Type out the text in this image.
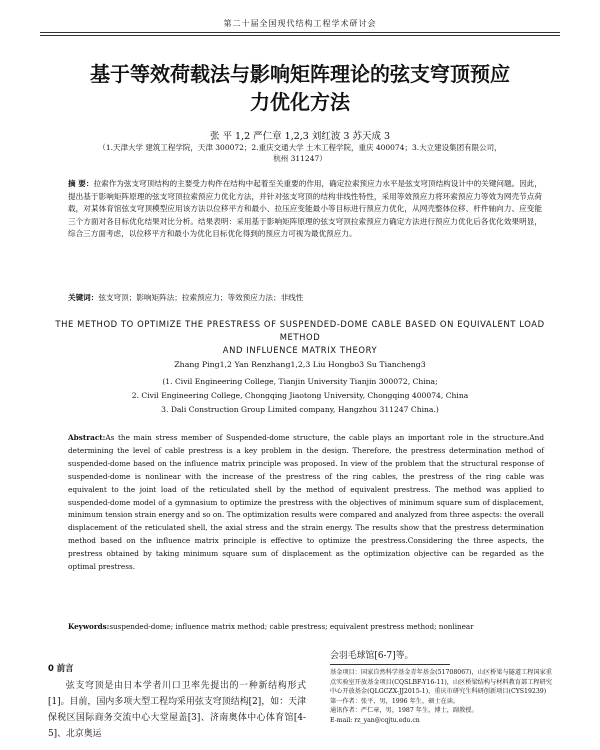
第二十届全国现代结构工程学术研讨会
基于等效荷载法与影响矩阵理论的弦支穹顶预应
力优化方法
张 平 1,2 严仁章 1,2,3 刘红波 3 苏天成 3
（1.天津大学 建筑工程学院，天津 300072；2.重庆交通大学 土木工程学院，重庆 400074；3.大立建设集团有限公司，
杭州 311247）
摘 要：拉索作为弦支穹顶结构的主要受力构件在结构中起着至关重要的作用，确定拉索预应力水平是弦支穹顶结构设计中的关键问题。因此，提出基于影响矩阵原理的弦支穹顶拉索预应力优化方法，并针对弦支穹顶的结构非线性特性，采用等效预应力将环索预应力等效为网壳节点荷载，对某体育馆弦支穹顶模型应用该方法以位移平方和最小、拉压应变能最小等目标进行预应力优化，从网壳整体位移、杆件轴向力、应变能三个方面对各目标优化结果对比分析。结果表明：采用基于影响矩阵原理的弦支穹顶拉索预应力确定方法进行预应力优化后各优化效果明显，综合三方面考虑，以位移平方和最小为优化目标优化得到的预应力可视为最优预应力。
关键词：弦支穹顶；影响矩阵法；拉索预应力；等效预应力法；非线性
THE METHOD TO OPTIMIZE THE PRESTRESS OF SUSPENDED-DOME CABLE BASED ON EQUIVALENT LOAD METHOD
AND INFLUENCE MATRIX THEORY
Zhang Ping1,2 Yan Renzhang1,2,3 Liu Hongbo3 Su Tiancheng3
(1. Civil Engineering College, Tianjin University Tianjin 300072, China;
2. Civil Engineering College, Chongqing Jiaotong University, Chongqing 400074, China
3. Dali Construction Group Limited company, Hangzhou 311247 China.)
Abstract:As the main stress member of Suspended-dome structure, the cable plays an important role in the structure.And determining the level of cable prestress is a key problem in the design. Therefore, the prestress determination method of suspended-dome based on the influence matrix principle was proposed. In view of the problem that the structural response of suspended-dome is nonlinear with the increase of the prestress of the ring cables, the prestress of the ring cable was equivalent to the joint load of the reticulated shell by the method of equivalent prestress. The method was applied to suspended-dome model of a gymnasium to optimize the prestress with the objectives of minimum square sum of displacement, minimum tension strain energy and so on. The optimization results were compared and analyzed from three aspects: the overall displacement of the reticulated shell, the axial stress and the strain energy. The results show that the prestress determination method based on the influence matrix principle is effective to optimize the prestress.Considering the three aspects, the prestress obtained by taking minimum square sum of displacement as the optimization objective can be regarded as the optimal prestress.
Keywords:suspended-dome; influence matrix method; cable prestress; equivalent prestress method; nonlinear
0 前言
弦支穹顶是由日本学者川口卫率先提出的一种新结构形式[1]。目前，国内多项大型工程均采用弦支穹顶结构[2]，如：天津保税区国际商务交流中心大堂屋盖[3]、济南奥体中心体育馆[4-5]、北京奥运
会羽毛球馆[6-7]等。
基金项目：国家自然科学基金青年基金(51708067)，山区桥梁与隧道工程国家重点实验室开放基金项目(CQSLBF-Y16-11)，山区桥梁结构与材料教育部工程研究中心开放基金(QLGCZX-JJ2015-1)，重庆市研究生科研创新项目(CYS19239)
第一作者：张平，男，1996 年生，硕士在读。
通讯作者：严仁章，男，1987 年生，博士，副教授。
E-mail: rz_yan@cqjtu.edu.cn
